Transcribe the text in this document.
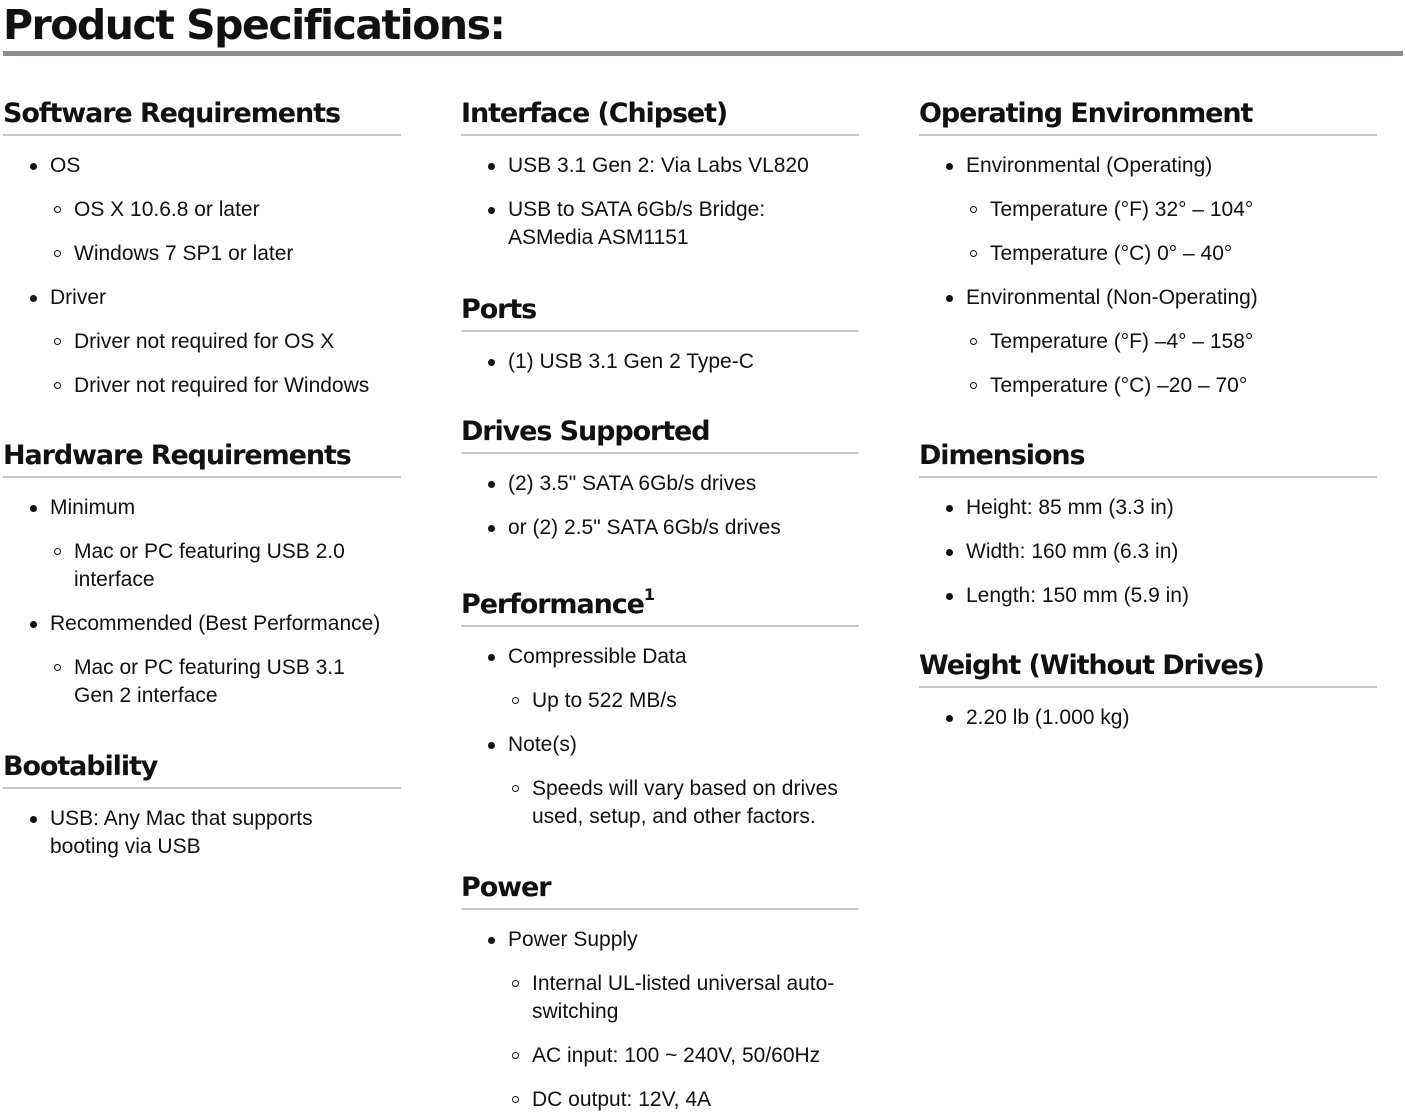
Product Specifications:
Software Requirements
OS
OS X 10.6.8 or later
Windows 7 SP1 or later
Driver
Driver not required for OS X
Driver not required for Windows
Hardware Requirements
Minimum
Mac or PC featuring USB 2.0 interface
Recommended (Best Performance)
Mac or PC featuring USB 3.1 Gen 2 interface
Bootability
USB: Any Mac that supports booting via USB
Interface (Chipset)
USB 3.1 Gen 2: Via Labs VL820
USB to SATA 6Gb/s Bridge: ASMedia ASM1151
Ports
(1) USB 3.1 Gen 2 Type-C
Drives Supported
(2) 3.5" SATA 6Gb/s drives
or (2) 2.5" SATA 6Gb/s drives
Performance$^1$
Compressible Data
Up to 522 MB/s
Note(s)
Speeds will vary based on drives used, setup, and other factors.
Power
Power Supply
Internal UL-listed universal auto-switching
AC input: 100 ~ 240V, 50/60Hz
DC output: 12V, 4A
Operating Environment
Environmental (Operating)
Temperature (°F) 32° – 104°
Temperature (°C) 0° – 40°
Environmental (Non-Operating)
Temperature (°F) –4° – 158°
Temperature (°C) –20 – 70°
Dimensions
Height: 85 mm (3.3 in)
Width: 160 mm (6.3 in)
Length: 150 mm (5.9 in)
Weight (Without Drives)
2.20 lb (1.000 kg)
